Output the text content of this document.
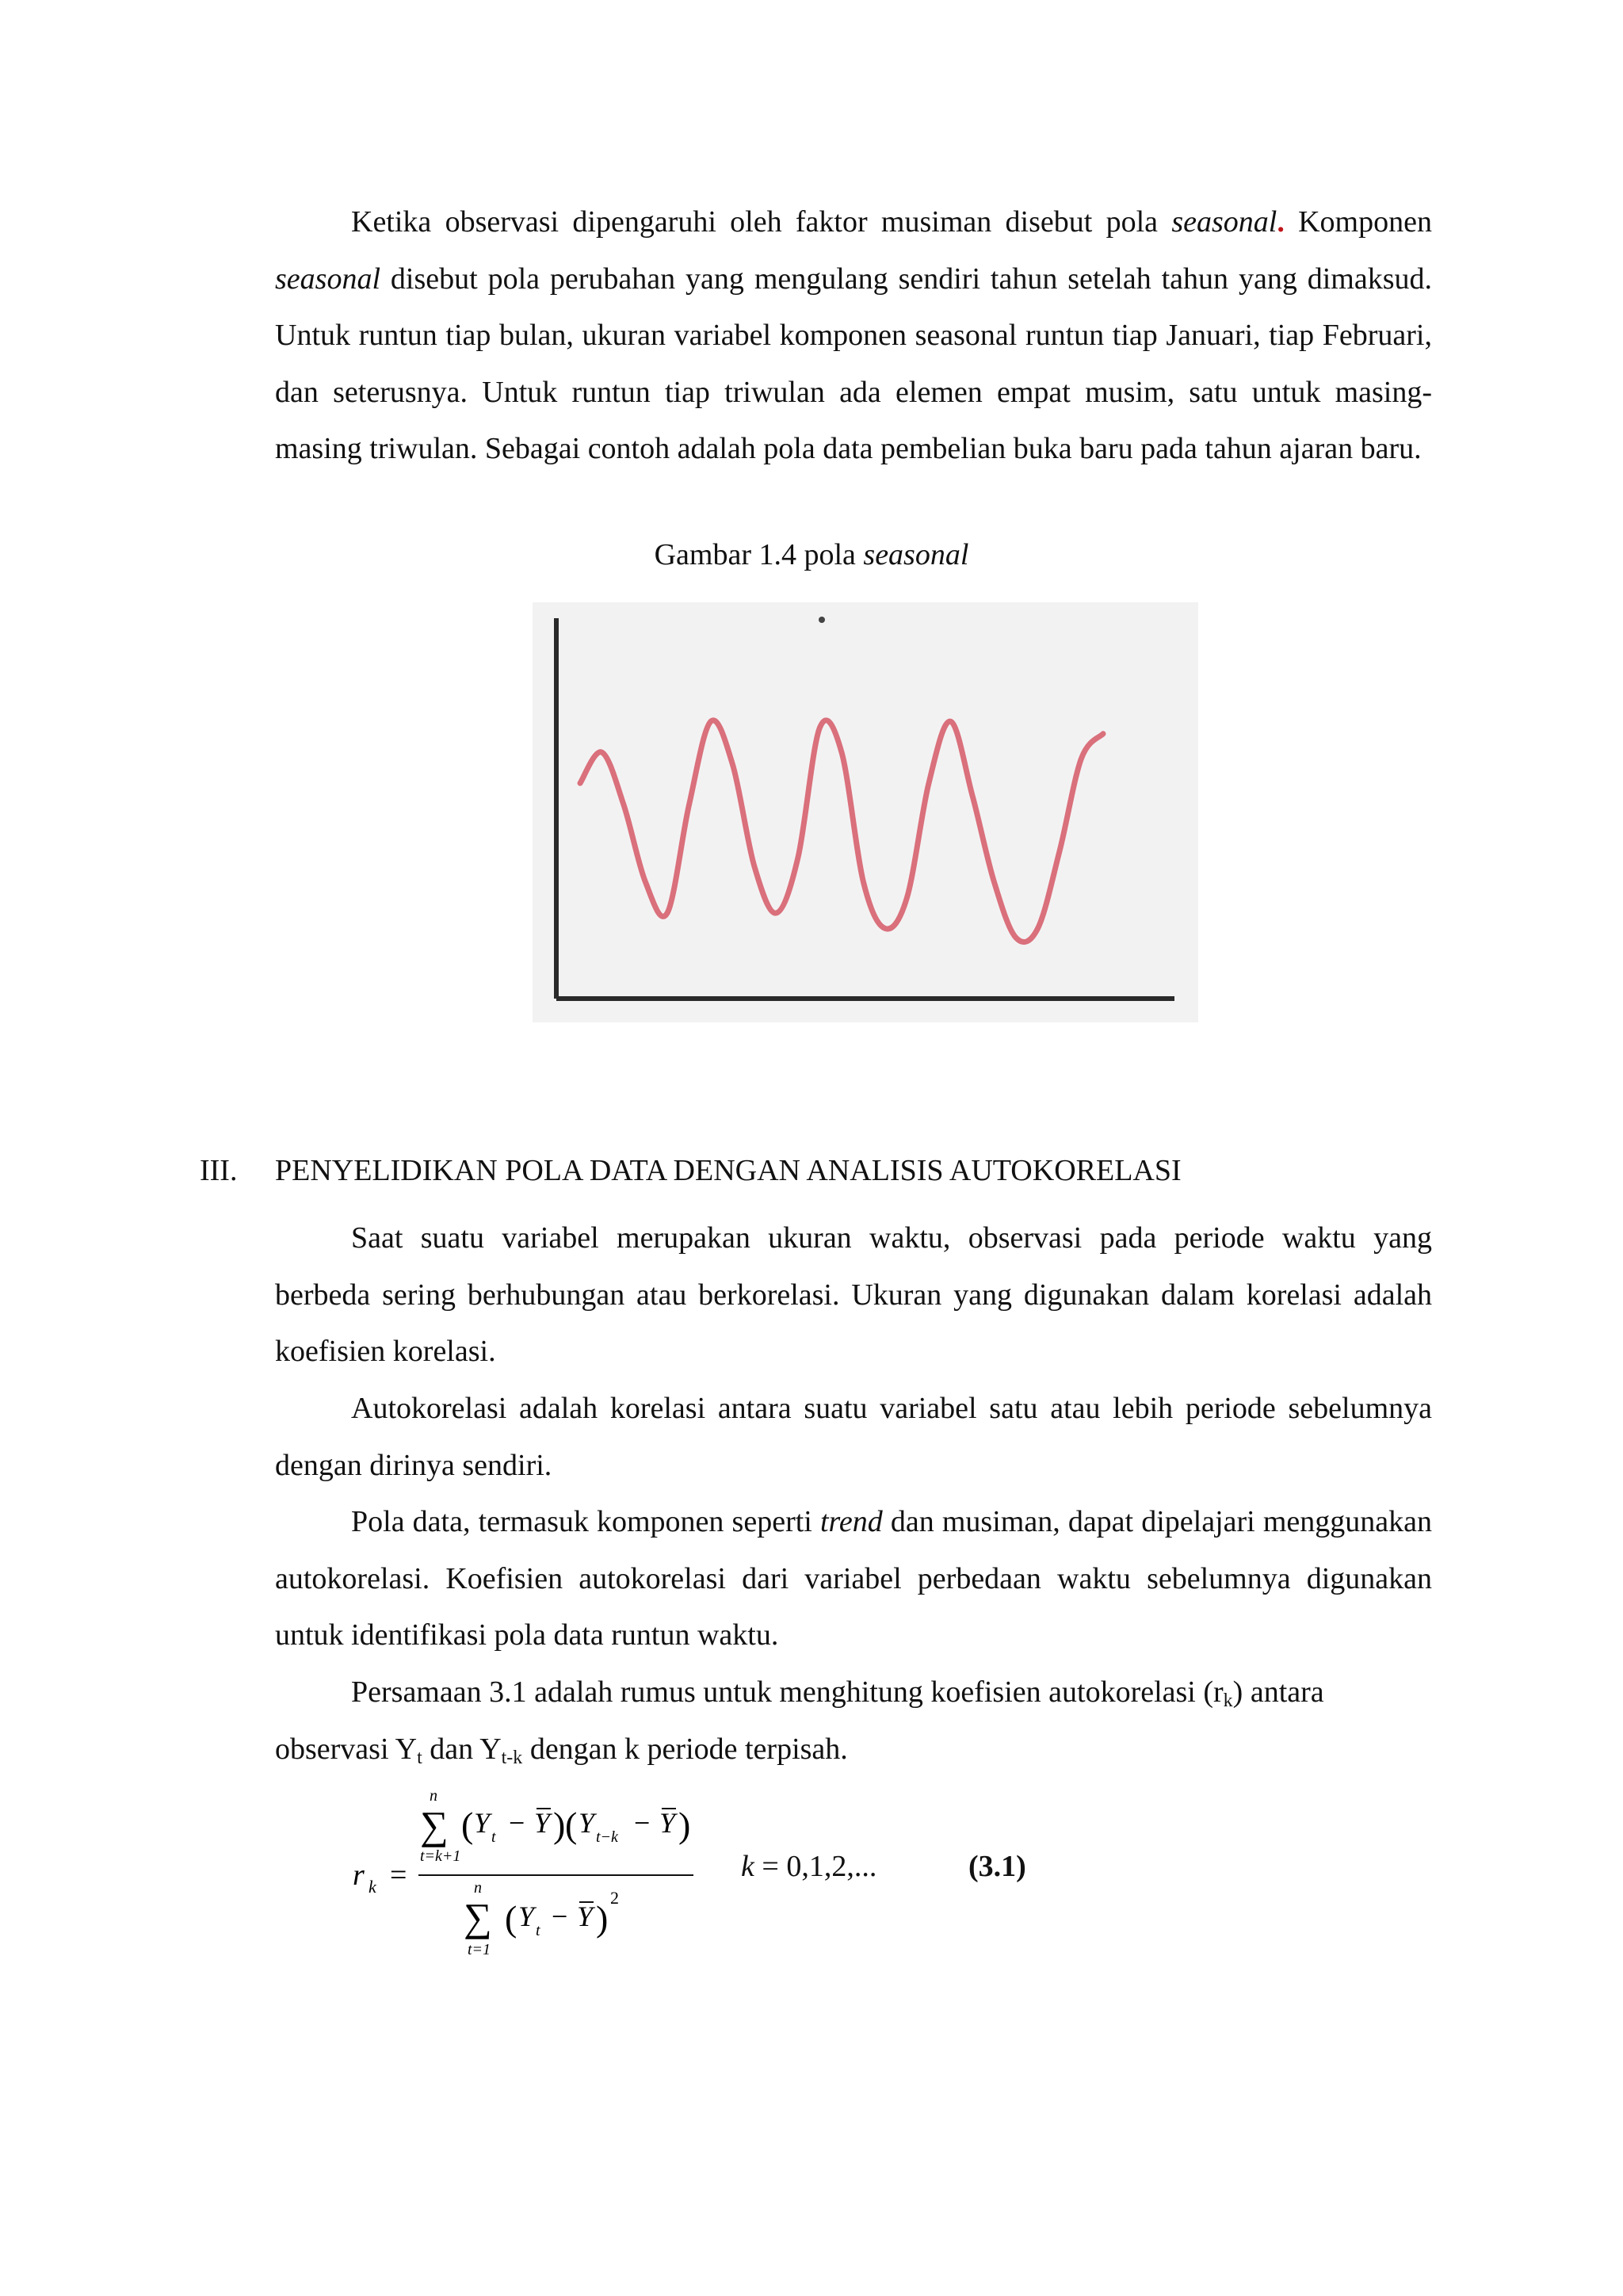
Ketika observasi dipengaruhi oleh faktor musiman disebut pola seasonal. Komponen seasonal disebut pola perubahan yang mengulang sendiri tahun setelah tahun yang dimaksud. Untuk runtun tiap bulan, ukuran variabel komponen seasonal runtun tiap Januari, tiap Februari, dan seterusnya. Untuk runtun tiap triwulan ada elemen empat musim, satu untuk masing-masing triwulan. Sebagai contoh adalah pola data pembelian buka baru pada tahun ajaran baru.

Gambar 1.4 pola seasonal
III. PENYELIDIKAN POLA DATA DENGAN ANALISIS AUTOKORELASI

Saat suatu variabel merupakan ukuran waktu, observasi pada periode waktu yang berbeda sering berhubungan atau berkorelasi. Ukuran yang digunakan dalam korelasi adalah koefisien korelasi.

Autokorelasi adalah korelasi antara suatu variabel satu atau lebih periode sebelumnya dengan dirinya sendiri.

Pola data, termasuk komponen seperti trend dan musiman, dapat dipelajari menggunakan autokorelasi. Koefisien autokorelasi dari variabel perbedaan waktu sebelumnya digunakan untuk identifikasi pola data runtun waktu.

Persamaan 3.1 adalah rumus untuk menghitung koefisien autokorelasi $(r_k)$ antara observasi $Y_t$ dan $Y_{t-k}$ dengan k periode terpisah.

r k =
n
∑
t=k+1
( Y t − Y ) ( Y t−k − Y )
n
∑
t=1
( Y t − Y )
2
k = 0,1,2,...	(3.1)
